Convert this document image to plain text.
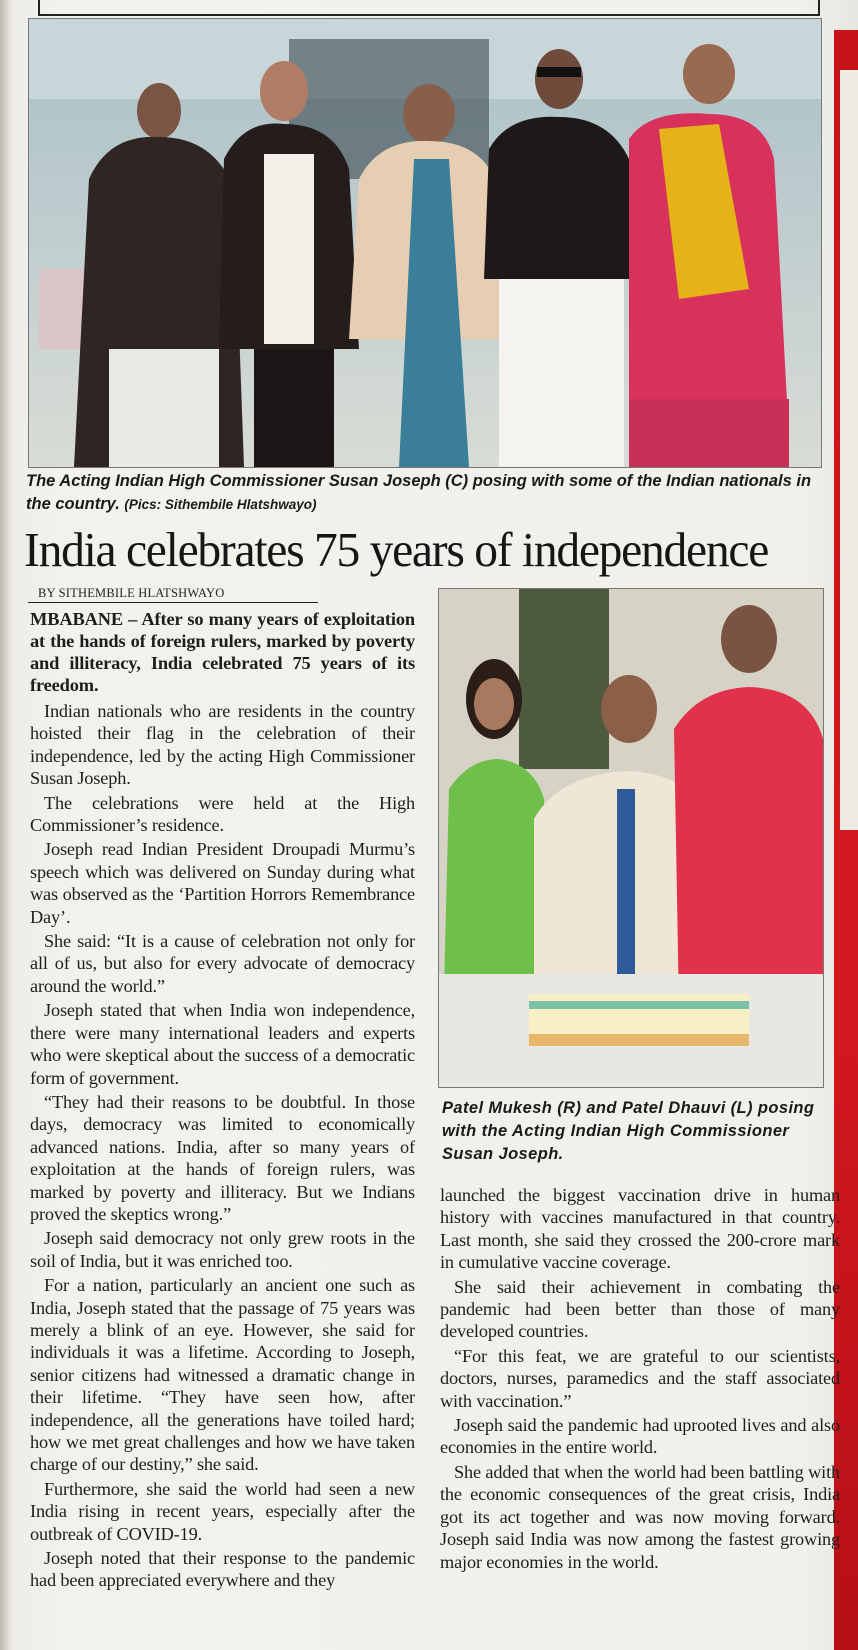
The Acting Indian High Commissioner Susan Joseph (C) posing with some of the Indian nationals in the country. (Pics: Sithembile Hlatshwayo)
India celebrates 75 years of independence
BY SITHEMBILE HLATSHWAYO

MBABANE – After so many years of exploitation at the hands of foreign rulers, marked by poverty and illiteracy, India celebrated 75 years of its freedom.

Indian nationals who are residents in the country hoisted their flag in the celebration of their independence, led by the acting High Commissioner Susan Joseph.

The celebrations were held at the High Commissioner’s residence.

Joseph read Indian President Droupadi Murmu’s speech which was delivered on Sunday during what was observed as the ‘Partition Horrors Remembrance Day’.

She said: “It is a cause of celebration not only for all of us, but also for every advocate of democracy around the world.”

Joseph stated that when India won independence, there were many international leaders and experts who were skeptical about the success of a democratic form of government.

“They had their reasons to be doubtful. In those days, democracy was limited to economically advanced nations. India, after so many years of exploitation at the hands of foreign rulers, was marked by poverty and illiteracy. But we Indians proved the skeptics wrong.”

Joseph said democracy not only grew roots in the soil of India, but it was enriched too.

For a nation, particularly an ancient one such as India, Joseph stated that the passage of 75 years was merely a blink of an eye. However, she said for individuals it was a lifetime. According to Joseph, senior citizens had witnessed a dramatic change in their lifetime. “They have seen how, after independence, all the generations have toiled hard; how we met great challenges and how we have taken charge of our destiny,” she said.

Furthermore, she said the world had seen a new India rising in recent years, especially after the outbreak of COVID-19.

Joseph noted that their response to the pandemic had been appreciated everywhere and they

Patel Mukesh (R) and Patel Dhauvi (L) posing with the Acting Indian High Commissioner Susan Joseph.

launched the biggest vaccination drive in human history with vaccines manufactured in that country. Last month, she said they crossed the 200-crore mark in cumulative vaccine coverage.

She said their achievement in combating the pandemic had been better than those of many developed countries.

“For this feat, we are grateful to our scientists, doctors, nurses, paramedics and the staff associated with vaccination.”

Joseph said the pandemic had uprooted lives and also economies in the entire world.

She added that when the world had been battling with the economic consequences of the great crisis, India got its act together and was now moving forward. Joseph said India was now among the fastest growing major economies in the world.
